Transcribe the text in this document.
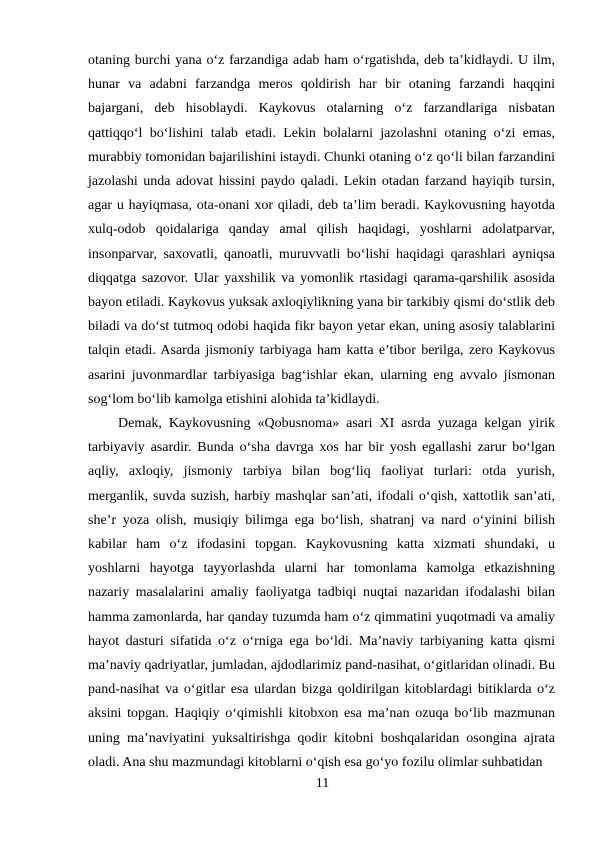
otaning burchi yana o‘z farzandiga adab ham o‘rgatishda, deb ta’kidlaydi. U ilm, hunar va adabni farzandga meros qoldirish har bir otaning farzandi haqqini bajargani, deb hisoblaydi. Kaykovus otalarning o‘z farzandlariga nisbatan qattiqqo‘l bo‘lishini talab etadi. Lekin bolalarni jazolashni otaning o‘zi emas, murabbiy tomonidan bajarilishini istaydi. Chunki otaning o‘z qo‘li bilan farzandini jazolashi unda adovat hissini paydo qaladi. Lekin otadan farzand hayiqib tursin, agar u hayiqmasa, ota-onani xor qiladi, deb ta’lim beradi. Kaykovusning hayotda xulq-odob qoidalariga qanday amal qilish haqidagi, yoshlarni adolatparvar, insonparvar, saxovatli, qanoatli, muruvvatli bo‘lishi haqidagi qarashlari ayniqsa diqqatga sazovor. Ular yaxshilik va yomonlik rtasidagi qarama-qarshilik asosida bayon etiladi. Kaykovus yuksak axloqiylikning yana bir tarkibiy qismi do‘stlik deb biladi va do‘st tutmoq odobi haqida fikr bayon yetar ekan, uning asosiy talablarini talqin etadi. Asarda jismoniy tarbiyaga ham katta e’tibor berilga, zero Kaykovus asarini juvonmardlar tarbiyasiga bag‘ishlar ekan, ularning eng avvalo jismonan sog‘lom bo‘lib kamolga etishini alohida ta’kidlaydi.

Demak, Kaykovusning «Qobusnoma» asari XI asrda yuzaga kelgan yirik tarbiyaviy asardir. Bunda o‘sha davrga xos har bir yosh egallashi zarur bo‘lgan aqliy, axloqiy, jismoniy tarbiya bilan bog‘liq faoliyat turlari: otda yurish, merganlik, suvda suzish, harbiy mashqlar san’ati, ifodali o‘qish, xattotlik san’ati, she’r yoza olish, musiqiy bilimga ega bo‘lish, shatranj va nard o‘yinini bilish kabilar ham o‘z ifodasini topgan. Kaykovusning katta xizmati shundaki, u yoshlarni hayotga tayyorlashda ularni har tomonlama kamolga etkazishning nazariy masalalarini amaliy faoliyatga tadbiqi nuqtai nazaridan ifodalashi bilan hamma zamonlarda, har qanday tuzumda ham o‘z qimmatini yuqotmadi va amaliy hayot dasturi sifatida o‘z o‘rniga ega bo‘ldi. Ma’naviy tarbiyaning katta qismi ma’naviy qadriyatlar, jumladan, ajdodlarimiz pand-nasihat, o‘gitlaridan olinadi. Bu pand-nasihat va o‘gitlar esa ulardan bizga qoldirilgan kitoblardagi bitiklarda o‘z aksini topgan. Haqiqiy o‘qimishli kitobxon esa ma’nan ozuqa bo‘lib mazmunan uning ma’naviyatini yuksaltirishga qodir kitobni boshqalaridan osongina ajrata oladi. Ana shu mazmundagi kitoblarni o‘qish esa go‘yo fozilu olimlar suhbatidan

11
